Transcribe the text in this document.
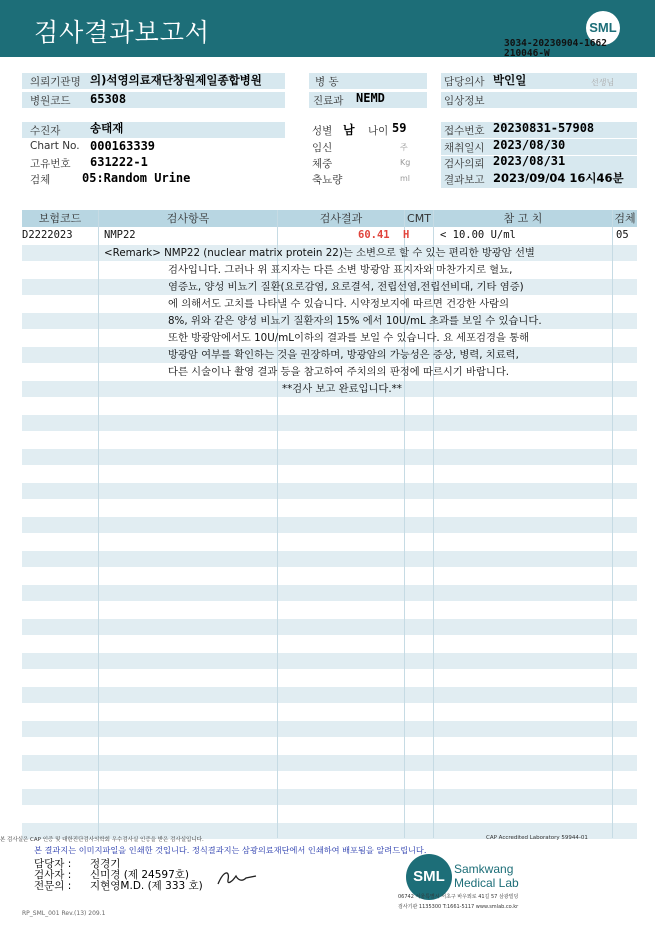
검사결과보고서	SML
3034-20230904-1662
210046-W
의뢰기관명 의)석영의료재단창원제일종합병원
병원코드 65308
수진자	송태재
Chart No. 000163339
고유번호 631222-1
검체	05:Random Urine
병 동
진료과 NEMD
성별 남 나이 59
임신	주
체중	Kg
축뇨량	ml
담당의사 박인일	선생님
임상정보
접수번호 20230831-57908
채취일시 2023/08/30
검사의뢰 2023/08/31
결과보고 2023/09/04 16시46분
보험코드	검사항목	검사결과	CMT	참 고 치	검체
D2222023	NMP22	60.41 H	< 10.00 U/ml	05
<Remark> NMP22 (nuclear matrix protein 22)는 소변으로 할 수 있는 편리한 방광암 선별
검사입니다. 그러나 위 표지자는 다른 소변 방광암 표지자와 마찬가지로 혈뇨,
염증뇨, 양성 비뇨기 질환(요로감염, 요로결석, 전립선염,전립선비대, 기타 염증)
에 의해서도 고치를 나타낼 수 있습니다. 시약정보지에 따르면 건강한 사람의
8%, 위와 같은 양성 비뇨기 질환자의 15% 에서 10U/mL 초과를 보일 수 있습니다.
또한 방광암에서도 10U/mL이하의 결과를 보일 수 있습니다. 요 세포검경을 통해
방광암 여부를 확인하는 것을 권장하며, 방광암의 가능성은 증상, 병력, 치료력,
다른 시술이나 촬영 결과 등을 참고하여 주치의의 판정에 따르시기 바랍니다.
**검사 보고 완료입니다.**
본 검사실은 CAP 인증 및 대한진단검사의학회 우수검사실 인증을 받은 검사실입니다.	CAP Accredited Laboratory 59944-01
본 결과지는 이미지파일을 인쇄한 것입니다. 정식결과지는 삼광의료재단에서 인쇄하여 배포됨을 알려드립니다.
담당자 : 정경기
검사자 : 신미경 (제 24597호)
전문의 : 지현영M.D. (제 333 호)
SML Samkwang
Medical Lab
06742 서울특별시 서초구 바우뫼로 41길 57 삼광빌딩
검사기관 1135300 T:1661-5117 www.smlab.co.kr
RP_SML_001 Rev.(13) 209.1
